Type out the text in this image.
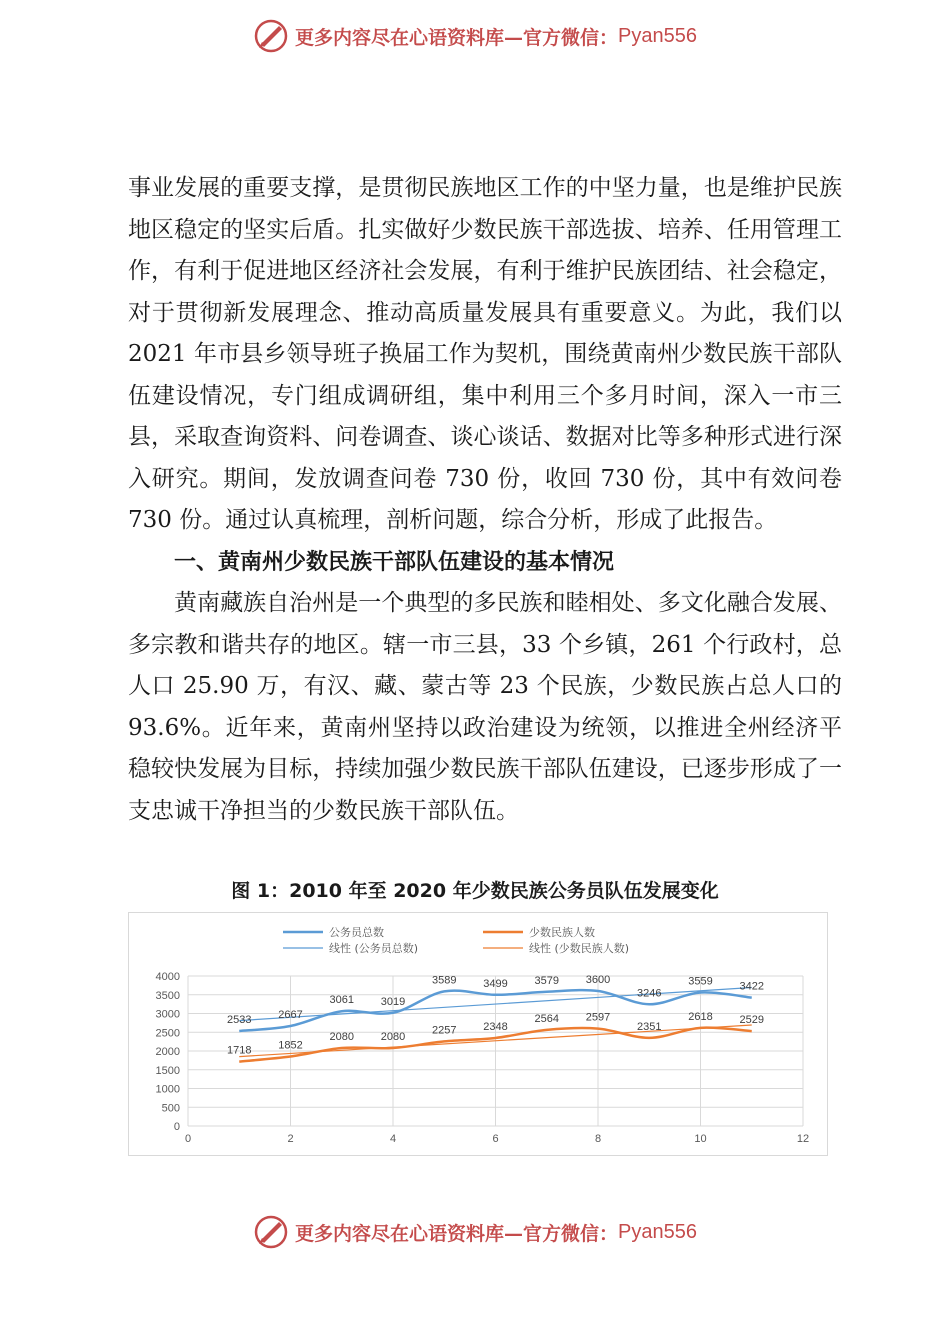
更多内容尽在心语资料库—官方微信： Pyan556

事业发展的重要支撑，是贯彻民族地区工作的中坚力量，也是维护民族地区稳定的坚实后盾。扎实做好少数民族干部选拔、培养、任用管理工作，有利于促进地区经济社会发展，有利于维护民族团结、社会稳定，对于贯彻新发展理念、推动高质量发展具有重要意义。为此，我们以 2021 年市县乡领导班子换届工作为契机，围绕黄南州少数民族干部队伍建设情况，专门组成调研组，集中利用三个多月时间，深入一市三县，采取查询资料、问卷调查、谈心谈话、数据对比等多种形式进行深入研究。期间，发放调查问卷 730 份，收回 730 份，其中有效问卷 730 份。通过认真梳理，剖析问题，综合分析，形成了此报告。

一、黄南州少数民族干部队伍建设的基本情况

黄南藏族自治州是一个典型的多民族和睦相处、多文化融合发展、多宗教和谐共存的地区。辖一市三县，33 个乡镇，261 个行政村，总人口 25.90 万，有汉、藏、蒙古等 23 个民族，少数民族占总人口的 93.6%。近年来，黄南州坚持以政治建设为统领，以推进全州经济平稳较快发展为目标，持续加强少数民族干部队伍建设，已逐步形成了一支忠诚干净担当的少数民族干部队伍。

图 1：2010 年至 2020 年少数民族公务员队伍发展变化
0
500
1000
1500
2000
2500
3000
3500
4000
0	2	4	6	8	10	12
2533 2667
3061 3019
3589 3499 3579 3600
3246
3559 3422
1718 1852
2080 2080
2257 2348
2564 2597
2351
2618 2529
公务员总数	少数民族人数
线性 (公务员总数)	线性 (少数民族人数)
更多内容尽在心语资料库—官方微信： Pyan556
